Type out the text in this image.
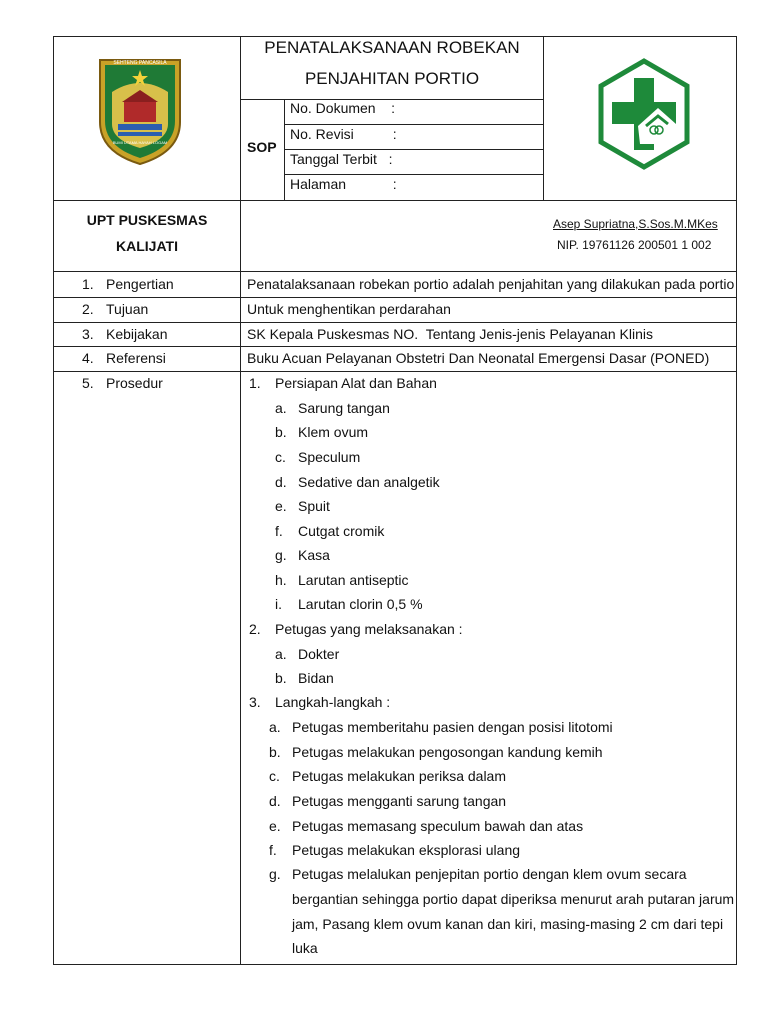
SEHTENG PANCASILA
BUMI UTAMA HAYAH LOGAM
PENATALAKSANAAN ROBEKAN
PENJAHITAN PORTIO
SOP
No. Dokumen    :
No. Revisi          :
Tanggal Terbit   :
Halaman            :
UPT PUSKESMAS
KALIJATI
Asep Supriatna,S.Sos.M.MKes
NIP. 19761126 200501 1 002
1. Pengertian	Penatalaksanaan robekan portio adalah penjahitan yang dilakukan pada portio
2. Tujuan	Untuk menghentikan perdarahan
3. Kebijakan	SK Kepala Puskesmas NO.  Tentang Jenis-jenis Pelayanan Klinis
4. Referensi	Buku Acuan Pelayanan Obstetri Dan Neonatal Emergensi Dasar (PONED)
5. Prosedur	1. Persiapan Alat dan Bahan
a. Sarung tangan
b. Klem ovum
c. Speculum
d. Sedative dan analgetik
e. Spuit
f. Cutgat cromik
g. Kasa
h. Larutan antiseptic
i. Larutan clorin 0,5 %
2. Petugas yang melaksanakan :
a. Dokter
b. Bidan
3. Langkah-langkah :
a. Petugas memberitahu pasien dengan posisi litotomi
b. Petugas melakukan pengosongan kandung kemih
c. Petugas melakukan periksa dalam
d. Petugas mengganti sarung tangan
e. Petugas memasang speculum bawah dan atas
f. Petugas melakukan eksplorasi ulang
g. Petugas melalukan penjepitan portio dengan klem ovum secara
bergantian sehingga portio dapat diperiksa menurut arah putaran jarum
jam, Pasang klem ovum kanan dan kiri, masing-masing 2 cm dari tepi
luka
